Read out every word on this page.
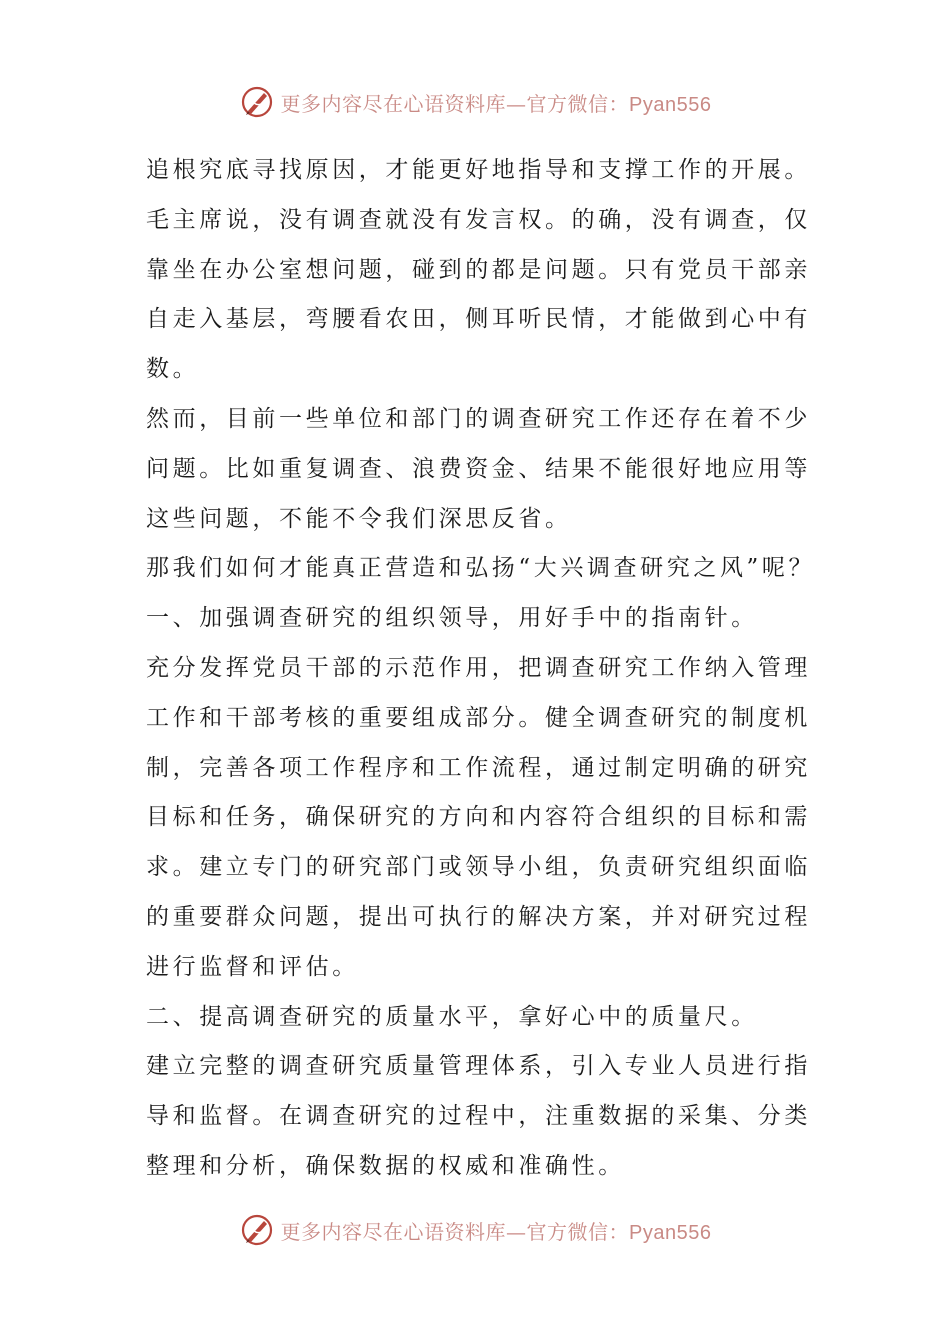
更多内容尽在心语资料库—官方微信：Pyan556
追根究底寻找原因，才能更好地指导和支撑工作的开展。
毛主席说，没有调查就没有发言权。的确，没有调查，仅
靠坐在办公室想问题，碰到的都是问题。只有党员干部亲
自走入基层，弯腰看农田，侧耳听民情，才能做到心中有
数。
然而，目前一些单位和部门的调查研究工作还存在着不少
问题。比如重复调查、浪费资金、结果不能很好地应用等
这些问题，不能不令我们深思反省。
那我们如何才能真正营造和弘扬“大兴调查研究之风”呢？
一、加强调查研究的组织领导，用好手中的指南针。
充分发挥党员干部的示范作用，把调查研究工作纳入管理
工作和干部考核的重要组成部分。健全调查研究的制度机
制，完善各项工作程序和工作流程，通过制定明确的研究
目标和任务，确保研究的方向和内容符合组织的目标和需
求。建立专门的研究部门或领导小组，负责研究组织面临
的重要群众问题，提出可执行的解决方案，并对研究过程
进行监督和评估。
二、提高调查研究的质量水平，拿好心中的质量尺。
建立完整的调查研究质量管理体系，引入专业人员进行指
导和监督。在调查研究的过程中，注重数据的采集、分类
整理和分析，确保数据的权威和准确性。
更多内容尽在心语资料库—官方微信：Pyan556
